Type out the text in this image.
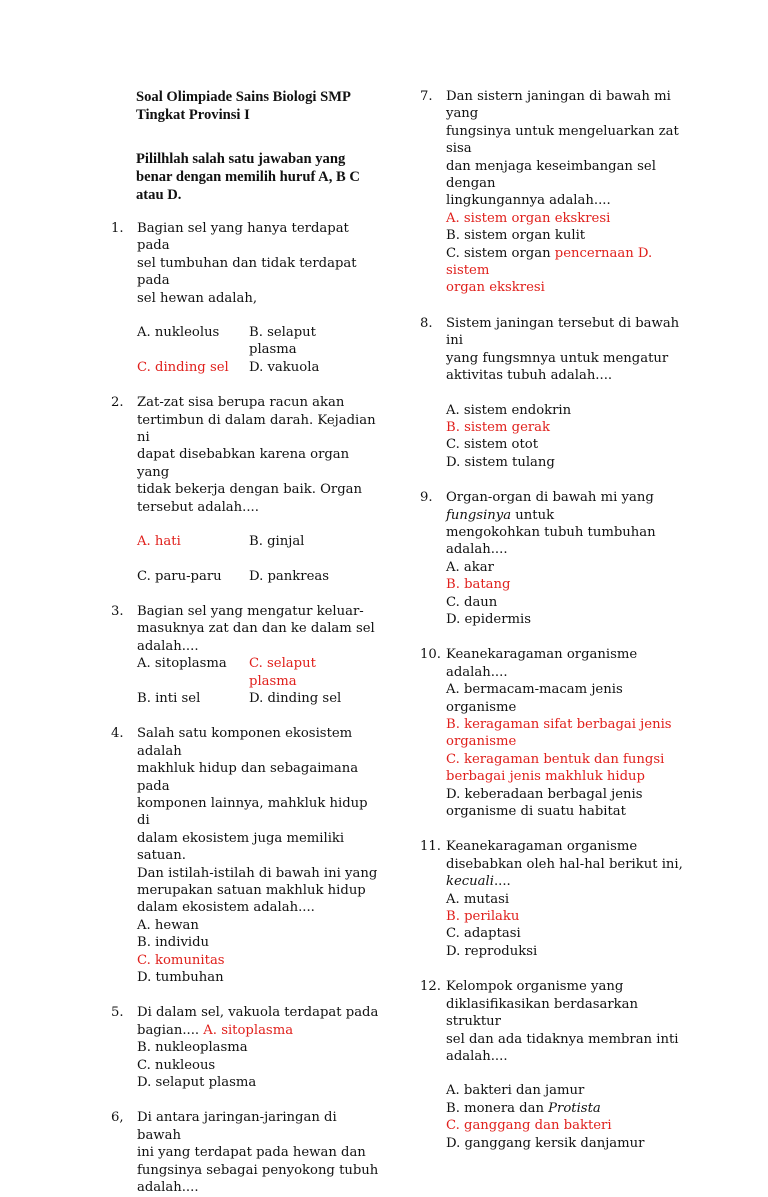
Soal Olimpiade Sains Biologi SMP
Tingkat Provinsi I
Pililhlah salah satu jawaban yang
benar dengan memilih huruf A, B C
atau D.
1.	Bagian sel yang hanya terdapat pada
sel tumbuhan dan tidak terdapat pada
sel hewan adalah,
A. nukleolus	B. selaput plasma
C. dinding sel	D. vakuola
2.	Zat-zat sisa berupa racun akan
tertimbun di dalam darah. Kejadian ni
dapat disebabkan karena organ yang
tidak bekerja dengan baik. Organ
tersebut adalah....
A. hati	B. ginjal
C. paru-paru	D. pankreas
3.	Bagian sel yang mengatur keluar-
masuknya zat dan dan ke dalam sel
adalah....
A. sitoplasma	C. selaput plasma
B. inti sel	D. dinding sel
4.	Salah satu komponen ekosistem adalah
makhluk hidup dan sebagaimana pada
komponen lainnya, mahkluk hidup di
dalam ekosistem juga memiliki satuan.
Dan istilah-istilah di bawah ini yang
merupakan satuan makhluk hidup
dalam ekosistem adalah....
A. hewan
B. individu
C. komunitas
D. tumbuhan
5.	Di dalam sel, vakuola terdapat pada
bagian.... A. sitoplasma
B. nukleoplasma
C. nukleous
D. selaput plasma
6,	Di antara jaringan-jaringan di bawah
ini yang terdapat pada hewan dan
fungsinya sebagai penyokong tubuh
adalah....
7.	Dan sistern janingan di bawah mi yang
fungsinya untuk mengeluarkan zat sisa
dan menjaga keseimbangan sel dengan
lingkungannya adalah....
A. sistem organ ekskresi
B. sistem organ kulit
C. sistem organ pencernaan D. sistem
organ ekskresi
8.	Sistem janingan tersebut di bawah ini
yang fungsmnya untuk mengatur
aktivitas tubuh adalah....
A. sistem endokrin
B. sistem gerak
C. sistem otot
D. sistem tulang
9.	Organ-organ di bawah mi yang
fungsinya untuk
mengokohkan tubuh tumbuhan
adalah....
A. akar
B. batang
C. daun
D. epidermis
10. Keanekaragaman organisme adalah....
A. bermacam-macam jenis organisme
B. keragaman sifat berbagai jenis
organisme
C. keragaman bentuk dan fungsi
berbagai jenis makhluk hidup
D. keberadaan berbagal jenis
organisme di suatu habitat
11. Keanekaragaman organisme
disebabkan oleh hal-hal berikut ini,
kecuali....
A. mutasi
B. perilaku
C. adaptasi
D. reproduksi
12. Kelompok organisme yang
diklasifikasikan berdasarkan struktur
sel dan ada tidaknya membran inti
adalah....
A. bakteri dan jamur
B. monera dan Protista
C. ganggang dan bakteri
D. ganggang kersik danjamur
